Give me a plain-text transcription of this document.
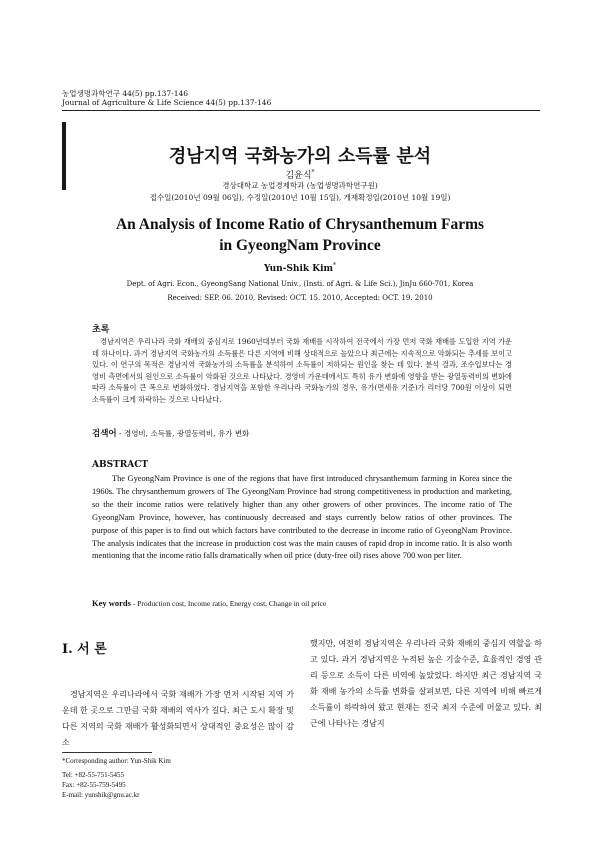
농업생명과학연구 44(5) pp.137-146
Journal of Agriculture & Life Science 44(5) pp.137-146
경남지역 국화농가의 소득률 분석
김윤식*
경상대학교 농업경제학과 (농업생명과학연구원)
접수일(2010년 09월 06일), 수정일(2010년 10월 15일), 게재확정일(2010년 10월 19일)
An Analysis of Income Ratio of Chrysanthemum Farms
in GyeongNam Province
Yun-Shik Kim*
Dept. of Agri. Econ., GyeongSang National Univ., (Insti. of Agri. & Life Sci.), JinJu 660-701, Korea
Received: SEP. 06. 2010, Revised: OCT. 15. 2010, Accepted: OCT. 19. 2010
초록
경남지역은 우리나라 국화 재배의 중심지로 1960년대부터 국화 재배를 시작하여 전국에서 가장 먼저 국화 재배를 도입한 지역 가운데 하나이다. 과거 경남지역 국화농가의 소득률은 다른 지역에 비해 상대적으로 높았으나 최근에는 지속적으로 악화되는 추세를 보이고 있다. 이 연구의 목적은 경남지역 국화농가의 소득률을 분석하여 소득률이 저하되는 원인을 찾는 데 있다. 분석 결과, 조수입보다는 경영비 측면에서의 원인으로 소득률이 악화된 것으로 나타났다. 경영비 가운데에서도 특히 유가 변화에 영향을 받는 광열동력비의 변화에 따라 소득률이 큰 폭으로 변화하였다. 경남지역을 포함한 우리나라 국화농가의 경우, 유가(면세유 기준)가 리터당 700원 이상이 되면 소득률이 크게 하락하는 것으로 나타났다.
검색어 - 경영비, 소득률, 광열동력비, 유가 변화
ABSTRACT
The GyeongNam Province is one of the regions that have first introduced chrysanthemum farming in Korea since the 1960s. The chrysanthemum growers of The GyeongNam Province had strong competitiveness in production and marketing, so the their income ratios were relatively higher than any other growers of other provinces. The income ratio of The GyeongNam Province, however, has continuously decreased and stays currently below ratios of other provinces. The purpose of this paper is to find out which factors have contributed to the decrease in income ratio of GyeongNam Province. The analysis indicates that the increase in production cost was the main causes of rapid drop in income ratio. It is also worth mentioning that the income ratio falls dramatically when oil price (duty-free oil) rises above 700 won per liter.
Key words - Production cost, Income ratio, Energy cost, Change in oil price
I. 서 론
경남지역은 우리나라에서 국화 재배가 가장 먼저 시작된 지역 가운데 한 곳으로 그만큼 국화 재배의 역사가 길다. 최근 도시 확장 및 다른 지역의 국화 재배가 활성화되면서 상대적인 중요성은 많이 감소
했지만, 여전히 경남지역은 우리나라 국화 재배의 중심지 역할을 하고 있다. 과거 경남지역은 누적된 높은 기술수준, 효율적인 경영 관리 등으로 소득이 다른 비역에 높았었다. 하지만 최근 경남지역 국화 재배 농가의 소득률 변화를 살펴보면, 다른 지역에 비해 빠르게 소득률이 하락하여 왔고 현재는 전국 최저 수준에 머물고 있다. 최근에 나타나는 경남지
*Corresponding author: Yun-Shik Kim
Tel: +82-55-751-5455
Fax: +82-55-759-5495
E-mail: yunshik@gnu.ac.kr
